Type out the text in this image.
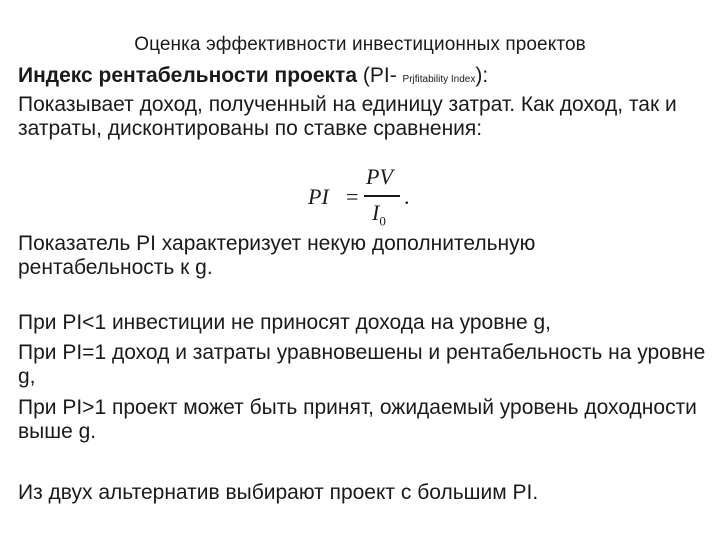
Оценка эффективности инвестиционных проектов
Индекс рентабельности проекта (PI- Prjfitability Index):

Показывает доход, полученный на единицу затрат. Как доход, так и затраты, дисконтированы по ставке сравнения:

PI =
PV
$I_0$
.

Показатель PI характеризует некую дополнительную рентабельность к g.

При PI<1 инвестиции не приносят дохода на уровне g,

При PI=1 доход и затраты уравновешены и рентабельность на уровне g,

При PI>1 проект может быть принят, ожидаемый уровень доходности выше g.

Из двух альтернатив выбирают проект с большим PI.
